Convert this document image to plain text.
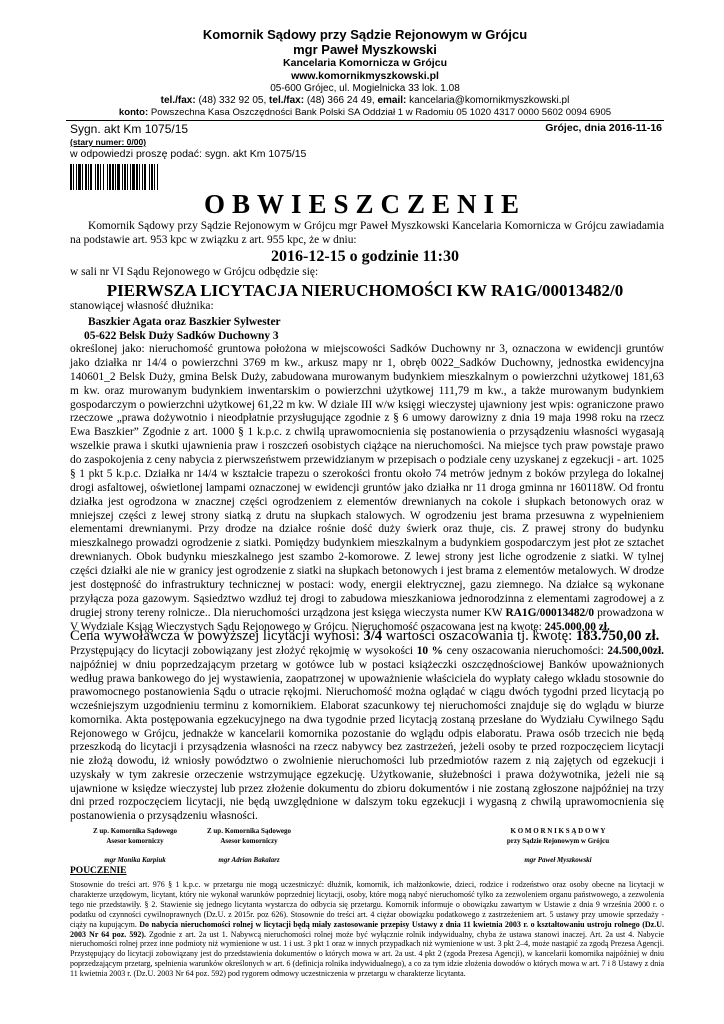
Komornik Sądowy przy Sądzie Rejonowym w Grójcu
mgr Paweł Myszkowski
Kancelaria Komornicza w Grójcu
www.komornikmyszkowski.pl
05-600 Grójec, ul. Mogielnicka 33 lok. 1.08
tel./fax: (48) 332 92 05, tel./fax: (48) 366 24 49, email: kancelaria@komornikmyszkowski.pl
konto: Powszechna Kasa Oszczędności Bank Polski SA Oddział 1 w Radomiu 05 1020 4317 0000 5602 0094 6905
Sygn. akt Km 1075/15	Grójec, dnia 2016-11-16
(stary numer: 0/00)
w odpowiedzi proszę podać: sygn. akt Km 1075/15
OBWIESZCZENIE
Komornik Sądowy przy Sądzie Rejonowym w Grójcu mgr Paweł Myszkowski Kancelaria Komornicza w Grójcu zawiadamia na podstawie art. 953 kpc w związku z art. 955 kpc, że w dniu:
2016-12-15 o godzinie 11:30
w sali nr VI Sądu Rejonowego w Grójcu odbędzie się:
PIERWSZA LICYTACJA NIERUCHOMOŚCI KW RA1G/00013482/0
stanowiącej własność dłużnika:
Baszkier Agata oraz Baszkier Sylwester
05-622 Belsk Duży Sadków Duchowny 3
określonej jako: nieruchomość gruntowa położona w miejscowości Sadków Duchowny nr 3, oznaczona w ewidencji gruntów jako działka nr 14/4 o powierzchni 3769 m kw., arkusz mapy nr 1, obręb 0022_Sadków Duchowny, jednostka ewidencyjna 140601_2 Belsk Duży, gmina Belsk Duży, zabudowana murowanym budynkiem mieszkalnym o powierzchni użytkowej 181,63 m kw. oraz murowanym budynkiem inwentarskim o powierzchni użytkowej 111,79 m kw., a także murowanym budynkiem gospodarczym o powierzchni użytkowej 61,22 m kw. W dziale III w/w księgi wieczystej ujawniony jest wpis: ograniczone prawo rzeczowe „prawa dożywotnio i nieodpłatnie przysługujące zgodnie z § 6 umowy darowizny z dnia 19 maja 1998 roku na rzecz Ewa Baszkier” Zgodnie z art. 1000 § 1 k.p.c. z chwilą uprawomocnienia się postanowienia o przysądzeniu własności wygasają wszelkie prawa i skutki ujawnienia praw i roszczeń osobistych ciążące na nieruchomości. Na miejsce tych praw powstaje prawo do zaspokojenia z ceny nabycia z pierwszeństwem przewidzianym w przepisach o podziale ceny uzyskanej z egzekucji - art. 1025 § 1 pkt 5 k.p.c. Działka nr 14/4 w kształcie trapezu o szerokości frontu około 74 metrów jednym z boków przylega do lokalnej drogi asfaltowej, oświetlonej lampami oznaczonej w ewidencji gruntów jako działka nr 11 droga gminna nr 160118W. Od frontu działka jest ogrodzona w znacznej części ogrodzeniem z elementów drewnianych na cokole i słupkach betonowych oraz w mniejszej części z lewej strony siatką z drutu na słupkach stalowych. W ogrodzeniu jest brama przesuwna z wypełnieniem elementami drewnianymi. Przy drodze na działce rośnie dość duży świerk oraz thuje, cis. Z prawej strony do budynku mieszkalnego prowadzi ogrodzenie z siatki. Pomiędzy budynkiem mieszkalnym a budynkiem gospodarczym jest płot ze sztachet drewnianych. Obok budynku mieszkalnego jest szambo 2-komorowe. Z lewej strony jest liche ogrodzenie z siatki. W tylnej części działki ale nie w granicy jest ogrodzenie z siatki na słupkach betonowych i jest brama z elementów metalowych. W drodze jest dostępność do infrastruktury technicznej w postaci: wody, energii elektrycznej, gazu ziemnego. Na działce są wykonane przyłącza poza gazowym. Sąsiedztwo wzdłuż tej drogi to zabudowa mieszkaniowa jednorodzinna z elementami zagrodowej a z drugiej strony tereny rolnicze.. Dla nieruchomości urządzona jest księga wieczysta numer KW RA1G/00013482/0 prowadzona w V Wydziale Ksiąg Wieczystych Sądu Rejonowego w Grójcu. Nieruchomość oszacowana jest na kwotę: 245.000,00 zł.
Cena wywoławcza w powyższej licytacji wynosi: 3/4 wartości oszacowania tj. kwotę: 183.750,00 zł.
Przystępujący do licytacji zobowiązany jest złożyć rękojmię w wysokości 10 % ceny oszacowania nieruchomości: 24.500,00zł. najpóźniej w dniu poprzedzającym przetarg w gotówce lub w postaci książeczki oszczędnościowej Banków upoważnionych według prawa bankowego do jej wystawienia, zaopatrzonej w upoważnienie właściciela do wypłaty całego wkładu stosownie do prawomocnego postanowienia Sądu o utracie rękojmi. Nieruchomość można oglądać w ciągu dwóch tygodni przed licytacją po wcześniejszym uzgodnieniu terminu z komornikiem. Elaborat szacunkowy tej nieruchomości znajduje się do wglądu w biurze komornika. Akta postępowania egzekucyjnego na dwa tygodnie przed licytacją zostaną przesłane do Wydziału Cywilnego Sądu Rejonowego w Grójcu, jednakże w kancelarii komornika pozostanie do wglądu odpis elaboratu. Prawa osób trzecich nie będą przeszkodą do licytacji i przysądzenia własności na rzecz nabywcy bez zastrzeżeń, jeżeli osoby te przed rozpoczęciem licytacji nie złożą dowodu, iż wniosły powództwo o zwolnienie nieruchomości lub przedmiotów razem z nią zajętych od egzekucji i uzyskały w tym zakresie orzeczenie wstrzymujące egzekucję. Użytkowanie, służebności i prawa dożywotnika, jeżeli nie są ujawnione w księdze wieczystej lub przez złożenie dokumentu do zbioru dokumentów i nie zostaną zgłoszone najpóźniej na trzy dni przed rozpoczęciem licytacji, nie będą uwzględnione w dalszym toku egzekucji i wygasną z chwilą uprawomocnienia się postanowienia o przysądzeniu własności.
Z up. Komornika Sądowego
Asesor komorniczy
Z up. Komornika Sądowego
Asesor komorniczy
K O M O R N I K S Ą D O W Y
przy Sądzie Rejonowym w Grójcu
mgr Monika Karpiuk	mgr Adrian Bakalarz	mgr Paweł Myszkowski
POUCZENIE
Stosownie do treści art. 976 § 1 k.p.c. w przetargu nie mogą uczestniczyć: dłużnik, komornik, ich małżonkowie, dzieci, rodzice i rodzeństwo oraz osoby obecne na licytacji w charakterze urzędowym, licytant, który nie wykonał warunków poprzedniej licytacji, osoby, które mogą nabyć nieruchomość tylko za zezwoleniem organu państwowego, a zezwolenia tego nie przedstawiły. § 2. Stawienie się jednego licytanta wystarcza do odbycia się przetargu. Komornik informuje o obowiązku zawartym w Ustawie z dnia 9 września 2000 r. o podatku od czynności cywilnoprawnych (Dz.U. z 2015r. poz 626). Stosownie do treści art. 4 ciężar obowiązku podatkowego z zastrzeżeniem art. 5 ustawy przy umowie sprzedaży - ciąży na kupującym. Do nabycia nieruchomości rolnej w licytacji będą miały zastosowanie przepisy Ustawy z dnia 11 kwietnia 2003 r. o kształtowaniu ustroju rolnego (Dz.U. 2003 Nr 64 poz. 592). Zgodnie z art. 2a ust 1. Nabywcą nieruchomości rolnej może być wyłącznie rolnik indywidualny, chyba że ustawa stanowi inaczej. Art. 2a ust 4. Nabycie nieruchomości rolnej przez inne podmioty niż wymienione w ust. 1 i ust. 3 pkt 1 oraz w innych przypadkach niż wymienione w ust. 3 pkt 2–4, może nastąpić za zgodą Prezesa Agencji. Przystępujący do licytacji zobowiązany jest do przedstawienia dokumentów o których mowa w art. 2a ust. 4 pkt 2 (zgoda Prezesa Agencji), w kancelarii komornika najpóźniej w dniu poprzedzającym przetarg, spełnienia warunków określonych w art. 6 (definicja rolnika indywidualnego), a co za tym idzie złożenia dowodów o których mowa w art. 7 i 8 Ustawy z dnia 11 kwietnia 2003 r. (Dz.U. 2003 Nr 64 poz. 592) pod rygorem odmowy uczestniczenia w przetargu w charakterze licytanta.
